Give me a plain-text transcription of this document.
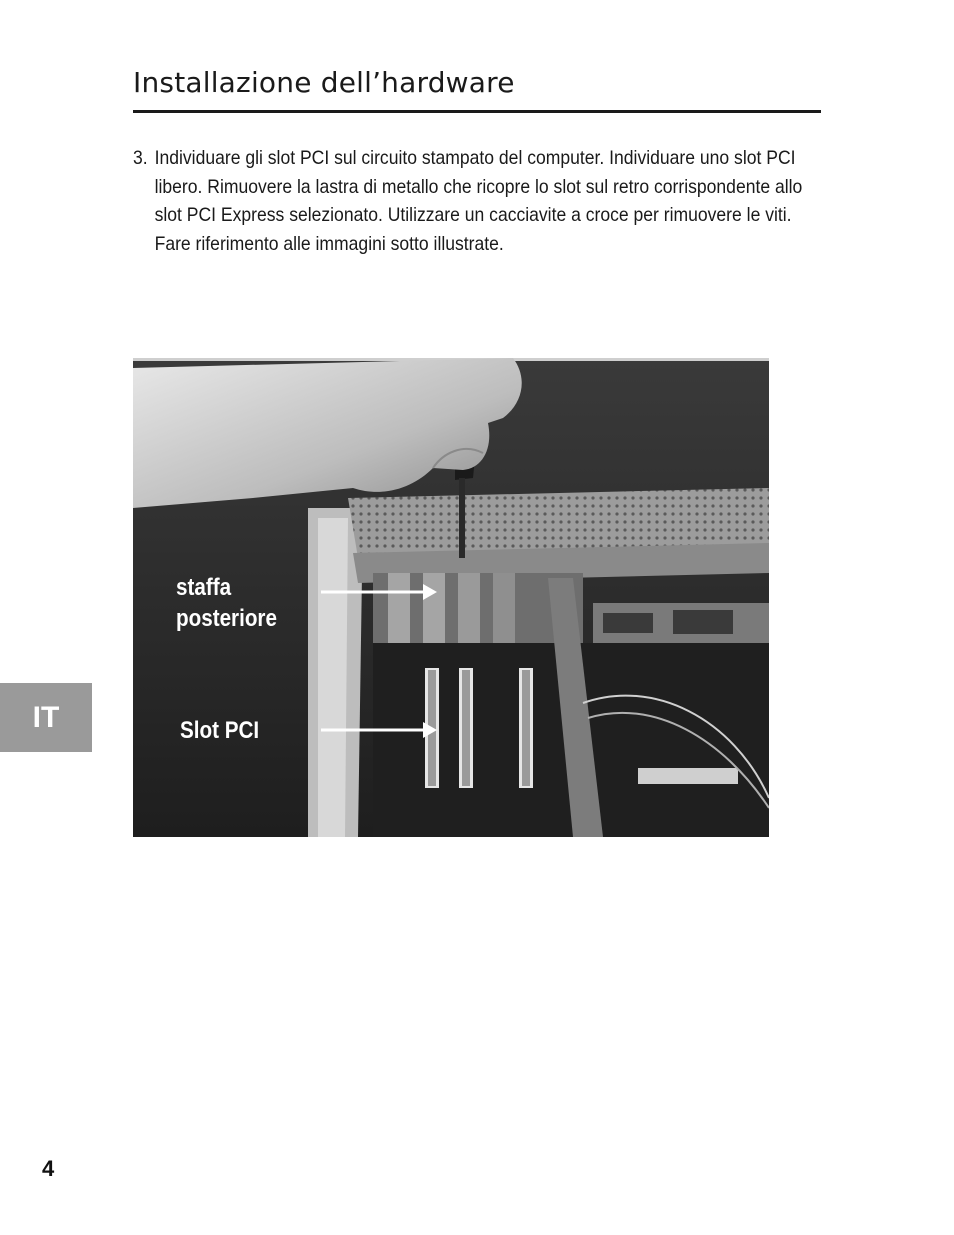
Installazione dell’hardware
3. Individuare gli slot PCI sul circuito stampato del computer. Individuare uno slot PCI libero. Rimuovere la lastra di metallo che ricopre lo slot sul retro corrispondente allo slot PCI Express selezionato. Utilizzare un cacciavite a croce per rimuovere le viti. Fare riferimento alle immagini sotto illustrate.
staffa
posteriore
Slot PCI
IT
4
